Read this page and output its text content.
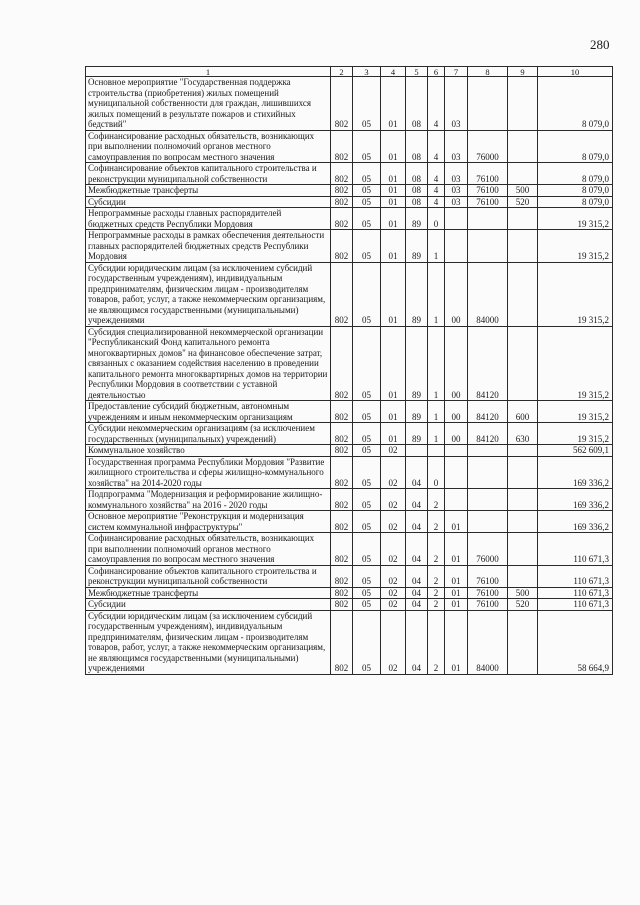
280
1	2	3	4	5	6	7	8	9	10
Основное мероприятие "Государственная поддержка строительства (приобретения) жилых помещений муниципальной собственности для граждан, лишившихся жилых помещений в результате пожаров и стихийных бедствий"	802	05	01	08	4	03			8 079,0
Софинансирование расходных обязательств, возникающих при выполнении полномочий органов местного самоуправления по вопросам местного значения	802	05	01	08	4	03	76000		8 079,0
Софинансирование объектов капитального строительства и реконструкции муниципальной собственности	802	05	01	08	4	03	76100		8 079,0
Межбюджетные трансферты	802	05	01	08	4	03	76100	500	8 079,0
Субсидии	802	05	01	08	4	03	76100	520	8 079,0
Непрограммные расходы главных распорядителей бюджетных средств Республики Мордовия	802	05	01	89	0				19 315,2
Непрограммные расходы в рамках обеспечения деятельности главных распорядителей бюджетных средств Республики Мордовия	802	05	01	89	1				19 315,2
Субсидии юридическим лицам (за исключением субсидий государственным учреждениям), индивидуальным предпринимателям, физическим лицам - производителям товаров, работ, услуг, а также некоммерческим организациям, не являющимся государственными (муниципальными) учреждениями	802	05	01	89	1	00	84000		19 315,2
Субсидия специализированной некоммерческой организации "Республиканский Фонд капитального ремонта многоквартирных домов" на финансовое обеспечение затрат, связанных с оказанием содействия населению в проведении капитального ремонта многоквартирных домов на территории Республики Мордовия в соответствии с уставной деятельностью	802	05	01	89	1	00	84120		19 315,2
Предоставление субсидий бюджетным, автономным учреждениям и иным некоммерческим организациям	802	05	01	89	1	00	84120	600	19 315,2
Субсидии некоммерческим организациям (за исключением государственных (муниципальных) учреждений)	802	05	01	89	1	00	84120	630	19 315,2
Коммунальное хозяйство	802	05	02						562 609,1
Государственная программа Республики Мордовия "Развитие жилищного строительства и сферы жилищно-коммунального хозяйства" на 2014-2020 годы	802	05	02	04	0				169 336,2
Подпрограмма "Модернизация и реформирование жилищно-коммунального хозяйства" на 2016 - 2020 годы	802	05	02	04	2				169 336,2
Основное мероприятие "Реконструкция и модернизация систем коммунальной инфраструктуры"	802	05	02	04	2	01			169 336,2
Софинансирование расходных обязательств, возникающих при выполнении полномочий органов местного самоуправления по вопросам местного значения	802	05	02	04	2	01	76000		110 671,3
Софинансирование объектов капитального строительства и реконструкции муниципальной собственности	802	05	02	04	2	01	76100		110 671,3
Межбюджетные трансферты	802	05	02	04	2	01	76100	500	110 671,3
Субсидии	802	05	02	04	2	01	76100	520	110 671,3
Субсидии юридическим лицам (за исключением субсидий государственным учреждениям), индивидуальным предпринимателям, физическим лицам - производителям товаров, работ, услуг, а также некоммерческим организациям, не являющимся государственными (муниципальными) учреждениями	802	05	02	04	2	01	84000		58 664,9
